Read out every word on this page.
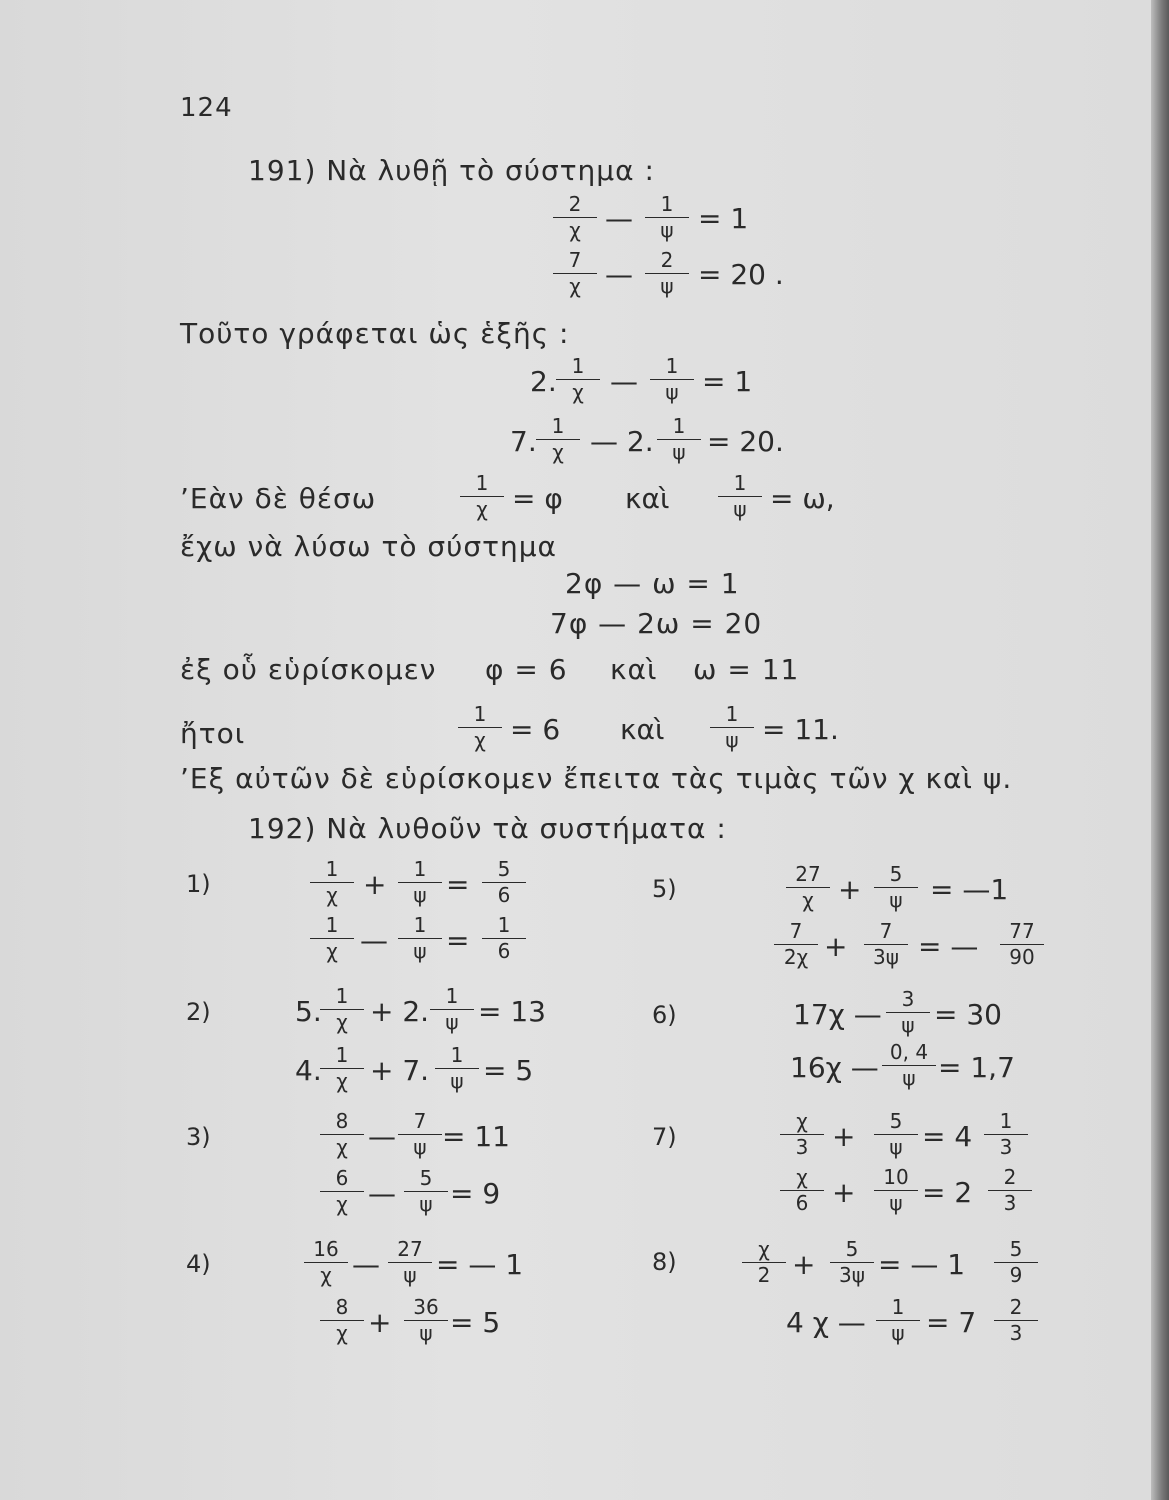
124
191) Νὰ λυθῇ τὸ σύστημα :
2
χ —	1
ψ = 1
7
χ —	2
ψ = 20 .
Τοῦτο γράφεται ὡς ἑξῆς :
2. 1
χ —	1
ψ = 1
7. 1
χ — 2. 1
ψ = 20.
’Εὰν δὲ θέσω	1
χ = φ καὶ	1
ψ = ω,
ἔχω νὰ λύσω τὸ σύστημα
2φ — ω = 1
7φ — 2ω = 20
ἐξ οὗ εὑρίσκομεν φ = 6 καὶ ω = 11
ἤτοι
1
χ = 6 καὶ	1
ψ = 11.
’Εξ αὐτῶν δὲ εὑρίσκομεν ἔπειτα τὰς τιμὰς τῶν χ καὶ ψ.
192) Νὰ λυθοῦν τὰ συστήματα :
1)
2)
3)
4)
5)
6)
7)
8)
1
χ +	1
ψ =	5
6
1
χ —	1
ψ =	1
6
5. 1
χ + 2. 1
ψ = 13
4. 1
χ + 7.	1
ψ = 5
8
χ — 7
ψ = 11
6
χ —	5
ψ = 9
16
χ — 27
ψ = — 1
8
χ +	36
ψ = 5
27
χ +	5
ψ = —1
7
2χ +	7
3ψ = —	77
90
17χ — 3
ψ = 30
16χ — 0, 4
ψ = 1,7
χ
3 +	5
ψ = 4	1
3
χ
6 +	10
ψ = 2	2
3
χ
2 +	5
3ψ = — 1	5
9
4 χ —	1
ψ = 7	2
3
